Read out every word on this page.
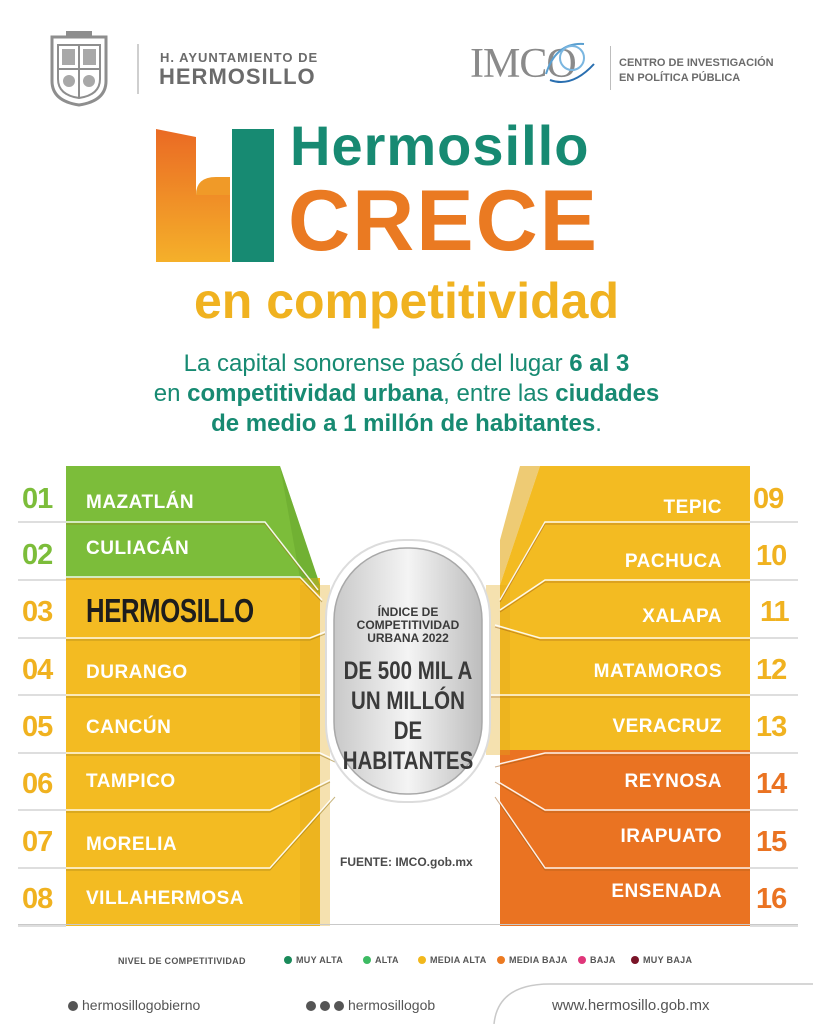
H. AYUNTAMIENTO DE
HERMOSILLO	IMCO	CENTRO DE INVESTIGACIÓN
EN POLÍTICA PÚBLICA
Hermosillo
CRECE
en competitividad
La capital sonorense pasó del lugar 6 al 3
en competitividad urbana, entre las ciudades
de medio a 1 millón de habitantes.
01 MAZATLÁN
02 CULIACÁN
03 HERMOSILLO
04 DURANGO
05 CANCÚN
06 TAMPICO
07 MORELIA
08 VILLAHERMOSA
TEPIC 09
PACHUCA 10
XALAPA 11
MATAMOROS 12
VERACRUZ 13
REYNOSA 14
IRAPUATO 15
ENSENADA 16
ÍNDICE DE
COMPETITIVIDAD
URBANA 2022
DE 500 MIL A
UN MILLÓN
DE HABITANTES
FUENTE: IMCO.gob.mx
NIVEL DE COMPETITIVIDAD	MUY ALTA	ALTA	MEDIA ALTA	MEDIA BAJA	BAJA	MUY BAJA
hermosillogobierno	hermosillogob	www.hermosillo.gob.mx
